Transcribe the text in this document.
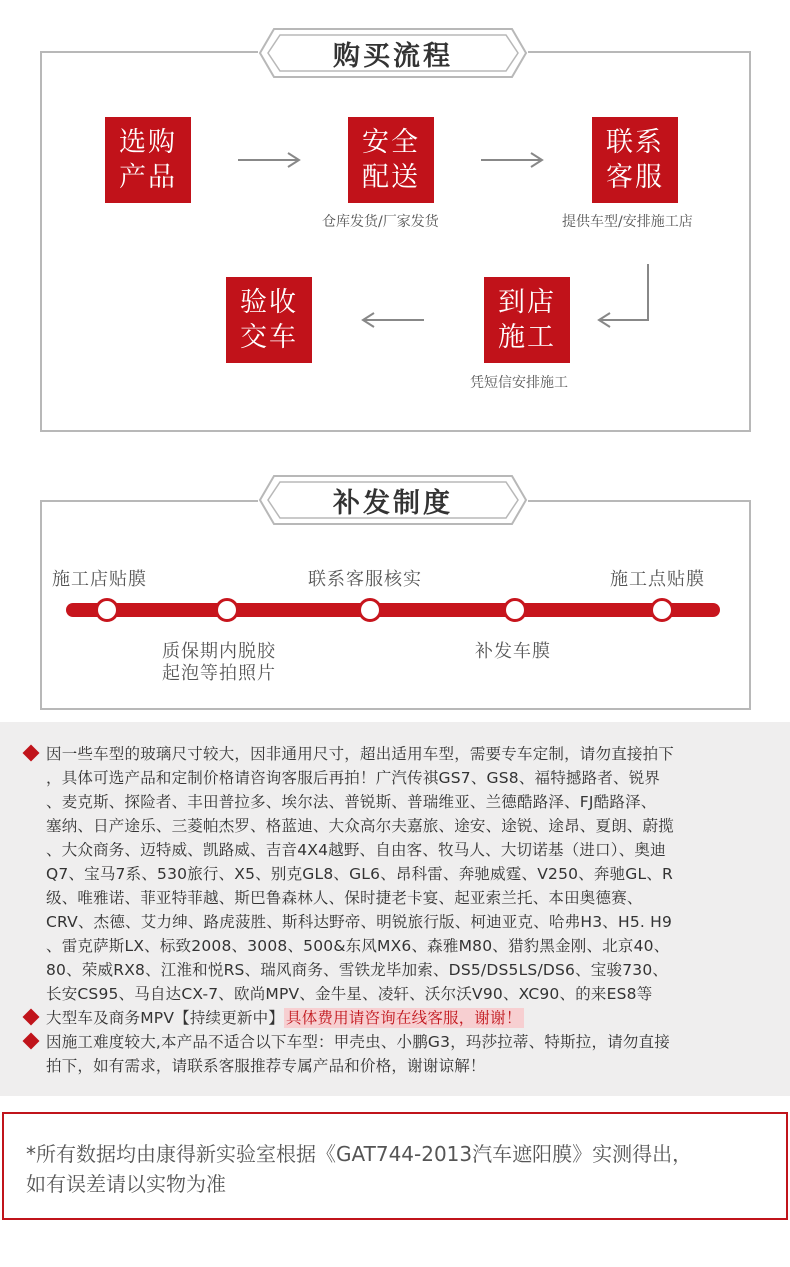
购买流程
选购
产品
安全
配送
仓库发货/厂家发货
联系
客服
提供车型/安排施工店
到店
施工
凭短信安排施工
验收
交车
补发制度
施工店贴膜	联系客服核实	施工点贴膜
质保期内脱胶
起泡等拍照片
补发车膜
因一些车型的玻璃尺寸较大，因非通用尺寸，超出适用车型，需要专车定制，请勿直接拍下
，具体可选产品和定制价格请咨询客服后再拍！广汽传祺GS7、GS8、福特撼路者、锐界
、麦克斯、探险者、丰田普拉多、埃尔法、普锐斯、普瑞维亚、兰德酷路泽、FJ酷路泽、
塞纳、日产途乐、三菱帕杰罗、格蓝迪、大众高尔夫嘉旅、途安、途锐、途昂、夏朗、蔚揽
、大众商务、迈特威、凯路威、吉音4X4越野、自由客、牧马人、大切诺基（进口）、奥迪
Q7、宝马7系、530旅行、X5、别克GL8、GL6、昂科雷、奔驰威霆、V250、奔驰GL、R
级、唯雅诺、菲亚特菲越、斯巴鲁森林人、保时捷老卡宴、起亚索兰托、本田奥德赛、
CRV、杰德、艾力绅、路虎菠胜、斯科达野帝、明锐旅行版、柯迪亚克、哈弗H3、H5. H9
、雷克萨斯LX、标致2008、3008、500&东风MX6、森雅M80、猎豹黑金刚、北京40、
80、荣威RX8、江淮和悦RS、瑞风商务、雪铁龙毕加索、DS5/DS5LS/DS6、宝骏730、
长安CS95、马自达CX-7、欧尚MPV、金牛星、凌轩、沃尔沃V90、XC90、的来ES8等
大型车及商务MPV【持续更新中】 具体费用请咨询在线客服，谢谢！
因施工难度较大,本产品不适合以下车型：甲壳虫、小鹏G3，玛莎拉蒂、特斯拉，请勿直接
拍下，如有需求，请联系客服推荐专属产品和价格，谢谢谅解！
*所有数据均由康得新实验室根据《GAT744-2013汽车遮阳膜》实测得出，
如有误差请以实物为准
